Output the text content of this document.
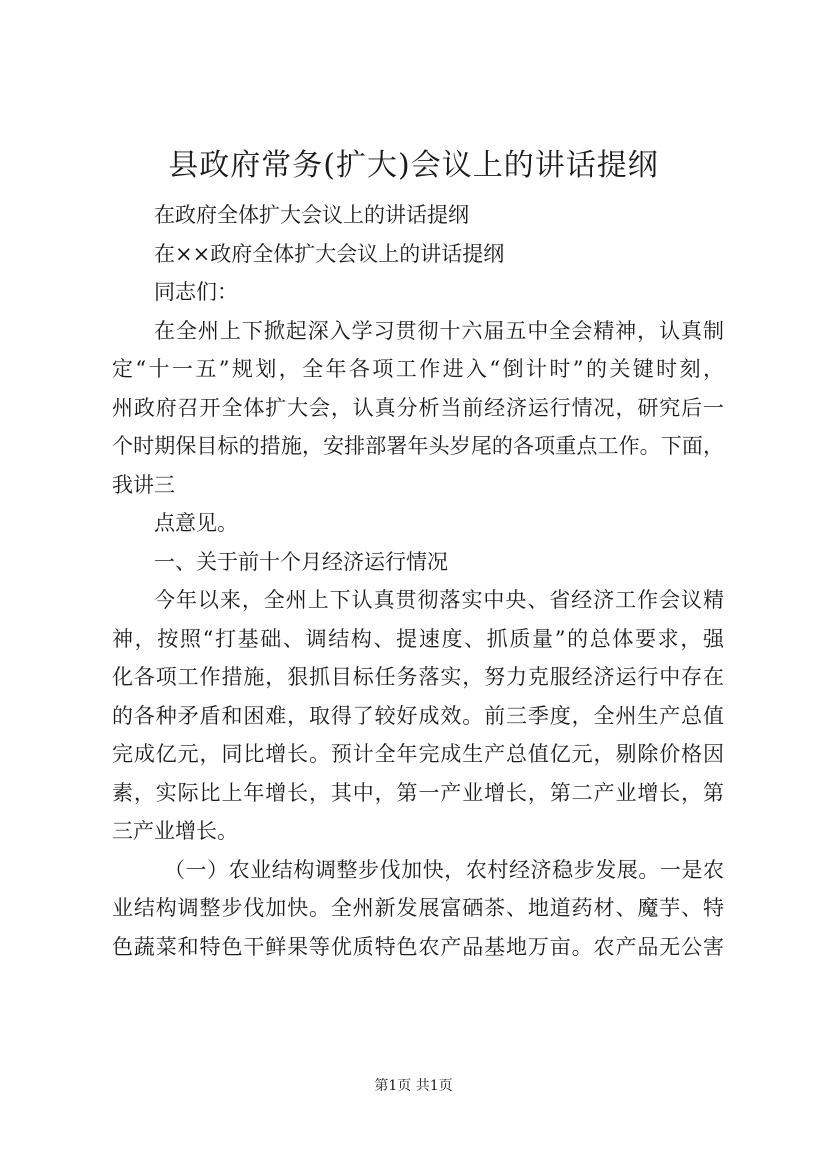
县政府常务(扩大)会议上的讲话提纲
在政府全体扩大会议上的讲话提纲
在××政府全体扩大会议上的讲话提纲
同志们：
在全州上下掀起深入学习贯彻十六届五中全会精神，认真制
定“十一五”规划，全年各项工作进入“倒计时”的关键时刻，
州政府召开全体扩大会，认真分析当前经济运行情况，研究后一
个时期保目标的措施，安排部署年头岁尾的各项重点工作。下面，
我讲三
点意见。
一、关于前十个月经济运行情况
今年以来，全州上下认真贯彻落实中央、省经济工作会议精
神，按照“打基础、调结构、提速度、抓质量”的总体要求，强
化各项工作措施，狠抓目标任务落实，努力克服经济运行中存在
的各种矛盾和困难，取得了较好成效。前三季度，全州生产总值
完成亿元，同比增长。预计全年完成生产总值亿元，剔除价格因
素，实际比上年增长，其中，第一产业增长，第二产业增长，第
三产业增长。
（一）农业结构调整步伐加快，农村经济稳步发展。一是农
业结构调整步伐加快。全州新发展富硒茶、地道药材、魔芋、特
色蔬菜和特色干鲜果等优质特色农产品基地万亩。农产品无公害
第1页 共1页
